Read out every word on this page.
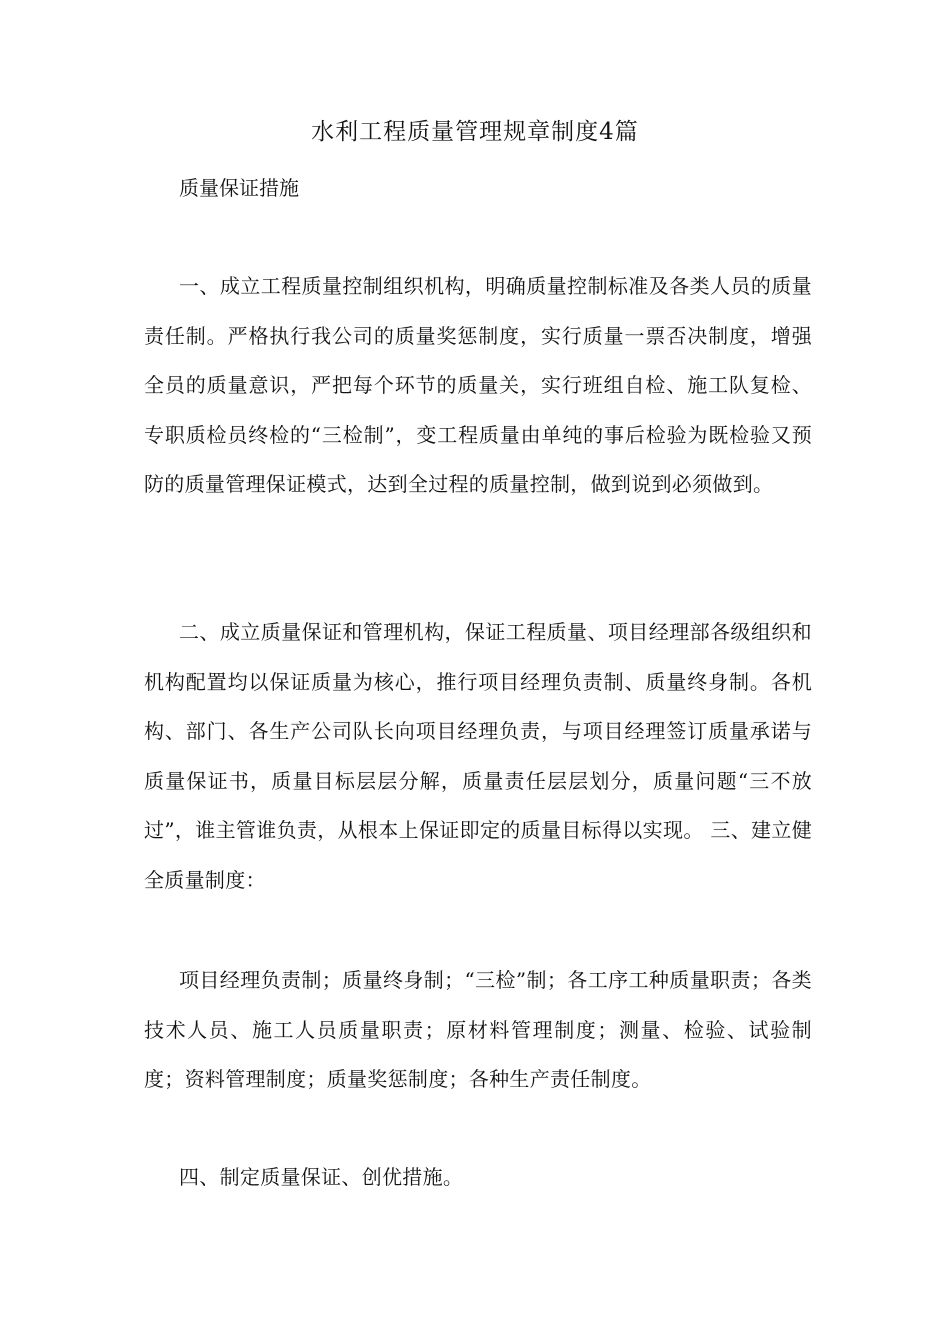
水利工程质量管理规章制度4篇
质量保证措施

一、成立工程质量控制组织机构，明确质量控制标准及各类人员的质量责任制。严格执行我公司的质量奖惩制度，实行质量一票否决制度，增强全员的质量意识，严把每个环节的质量关，实行班组自检、施工队复检、专职质检员终检的“三检制”，变工程质量由单纯的事后检验为既检验又预防的质量管理保证模式，达到全过程的质量控制，做到说到必须做到。

二、成立质量保证和管理机构，保证工程质量、项目经理部各级组织和机构配置均以保证质量为核心，推行项目经理负责制、质量终身制。各机构、部门、各生产公司队长向项目经理负责，与项目经理签订质量承诺与质量保证书，质量目标层层分解，质量责任层层划分，质量问题“三不放过”，谁主管谁负责，从根本上保证即定的质量目标得以实现。 三、建立健全质量制度：

项目经理负责制；质量终身制；“三检”制；各工序工种质量职责；各类技术人员、施工人员质量职责；原材料管理制度；测量、检验、试验制度；资料管理制度；质量奖惩制度；各种生产责任制度。

四、制定质量保证、创优措施。
